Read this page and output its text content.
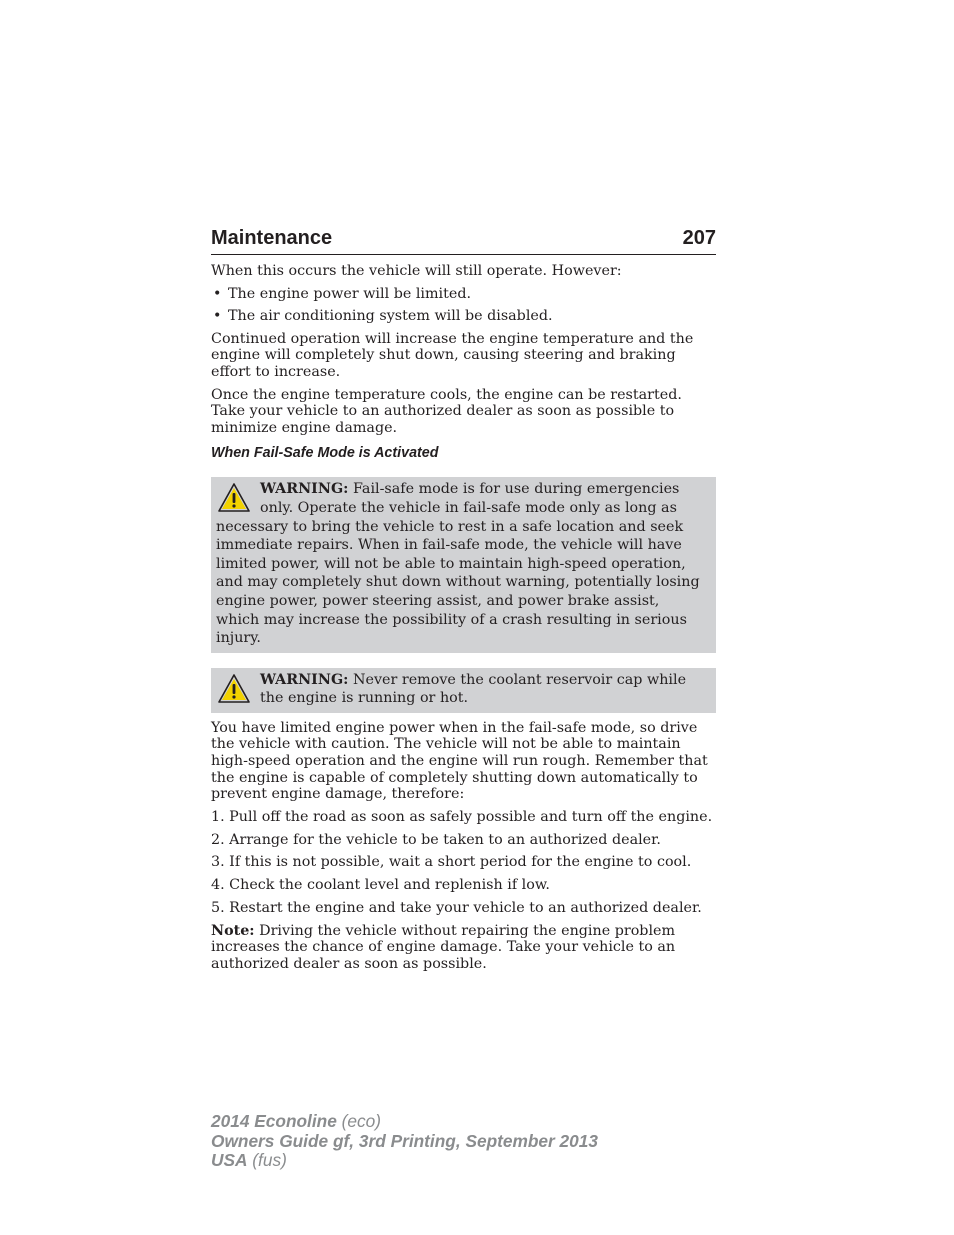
Maintenance	207

When this occurs the vehicle will still operate. However:

• The engine power will be limited.
• The air conditioning system will be disabled.

Continued operation will increase the engine temperature and the engine will completely shut down, causing steering and braking effort to increase.

Once the engine temperature cools, the engine can be restarted. Take your vehicle to an authorized dealer as soon as possible to minimize engine damage.

When Fail-Safe Mode is Activated

WARNING: Fail-safe mode is for use during emergencies only. Operate the vehicle in fail-safe mode only as long as necessary to bring the vehicle to rest in a safe location and seek immediate repairs. When in fail-safe mode, the vehicle will have limited power, will not be able to maintain high-speed operation, and may completely shut down without warning, potentially losing engine power, power steering assist, and power brake assist, which may increase the possibility of a crash resulting in serious injury.

WARNING: Never remove the coolant reservoir cap while the engine is running or hot.

You have limited engine power when in the fail-safe mode, so drive the vehicle with caution. The vehicle will not be able to maintain high-speed operation and the engine will run rough. Remember that the engine is capable of completely shutting down automatically to prevent engine damage, therefore:

1. Pull off the road as soon as safely possible and turn off the engine.
2. Arrange for the vehicle to be taken to an authorized dealer.
3. If this is not possible, wait a short period for the engine to cool.
4. Check the coolant level and replenish if low.
5. Restart the engine and take your vehicle to an authorized dealer.

Note: Driving the vehicle without repairing the engine problem increases the chance of engine damage. Take your vehicle to an authorized dealer as soon as possible.

2014 Econoline (eco)
Owners Guide gf, 3rd Printing, September 2013
USA (fus)
